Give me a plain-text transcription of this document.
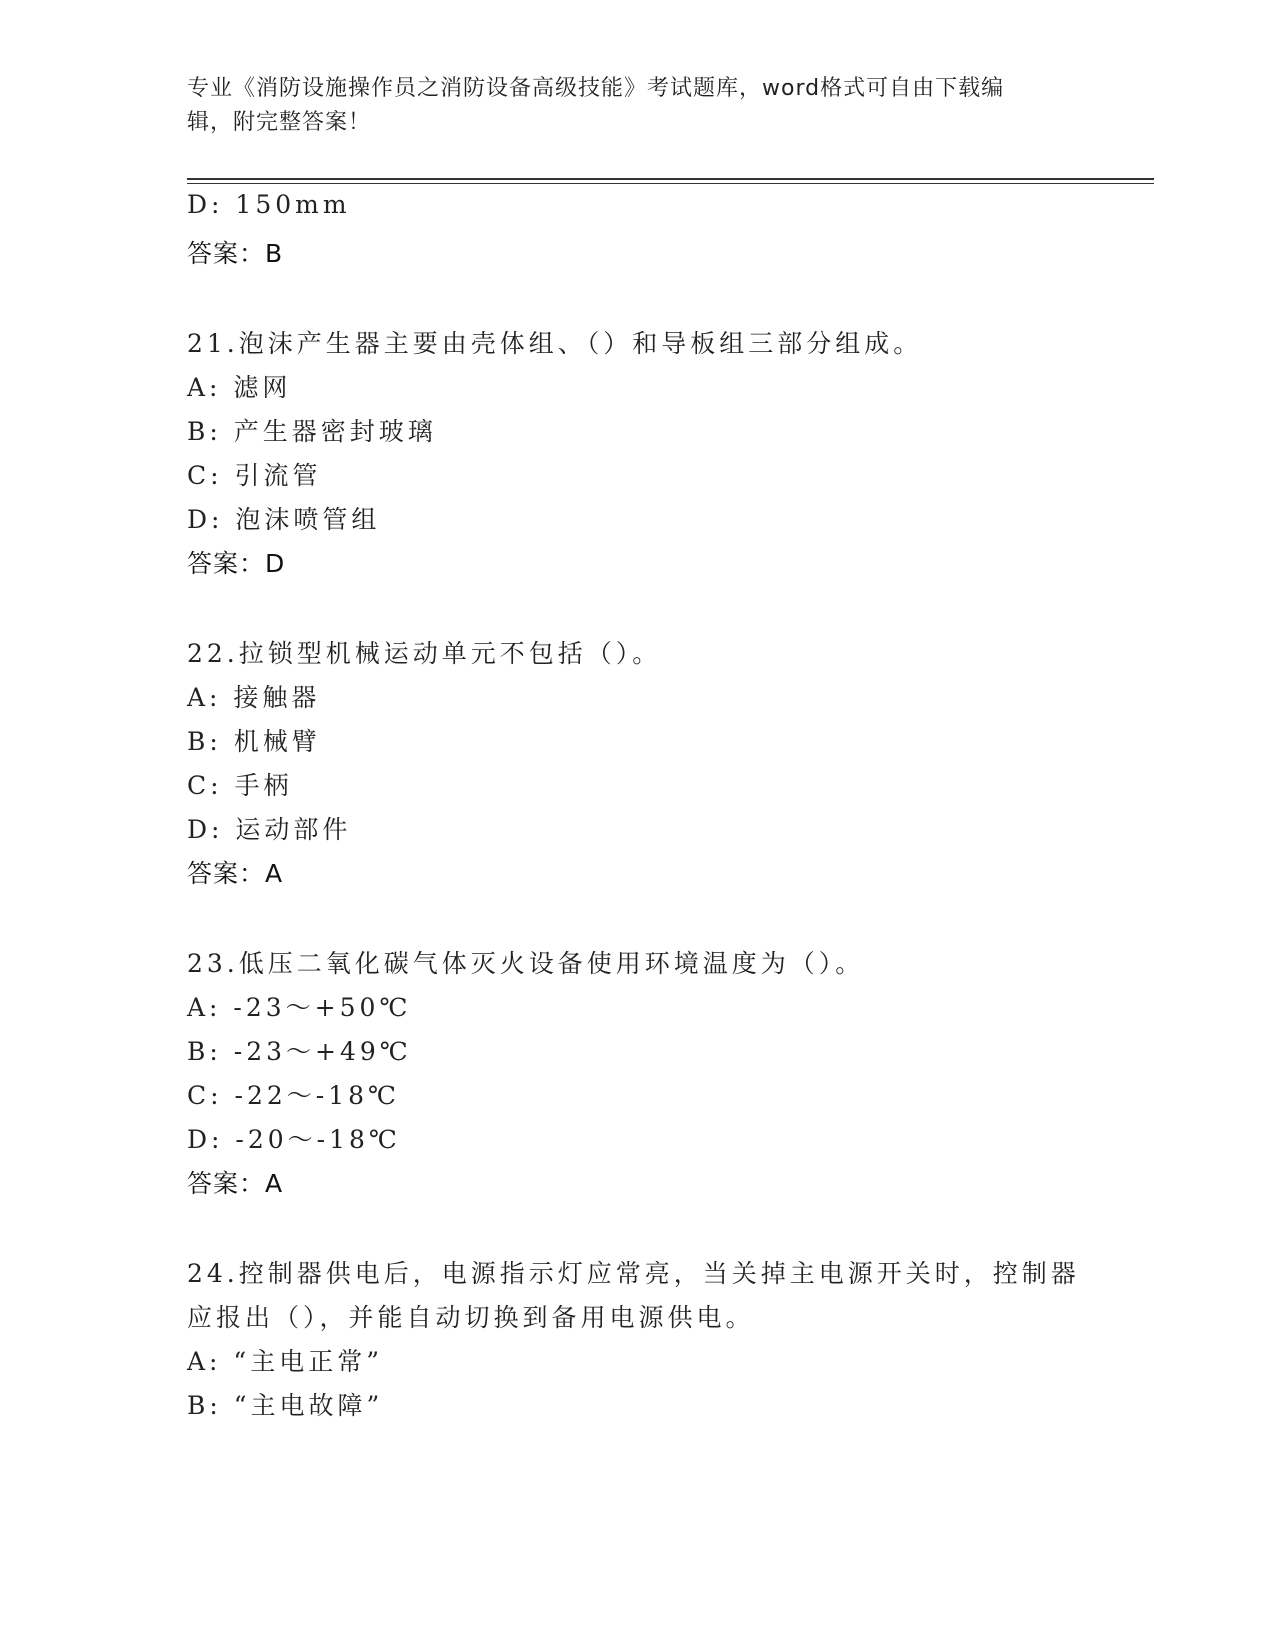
专业《消防设施操作员之消防设备高级技能》考试题库，word格式可自由下载编
辑，附完整答案！
D: 150mm
答案：B
21.泡沫产生器主要由壳体组、（）和导板组三部分组成。
A: 滤网
B: 产生器密封玻璃
C: 引流管
D: 泡沫喷管组
答案：D
22.拉锁型机械运动单元不包括（）。
A: 接触器
B: 机械臂
C: 手柄
D: 运动部件
答案：A
23.低压二氧化碳气体灭火设备使用环境温度为（）。
A: -23～+50℃
B: -23～+49℃
C: -22～-18℃
D: -20～-18℃
答案：A
24.控制器供电后，电源指示灯应常亮，当关掉主电源开关时，控制器
应报出（），并能自动切换到备用电源供电。
A: “主电正常”
B: “主电故障”
